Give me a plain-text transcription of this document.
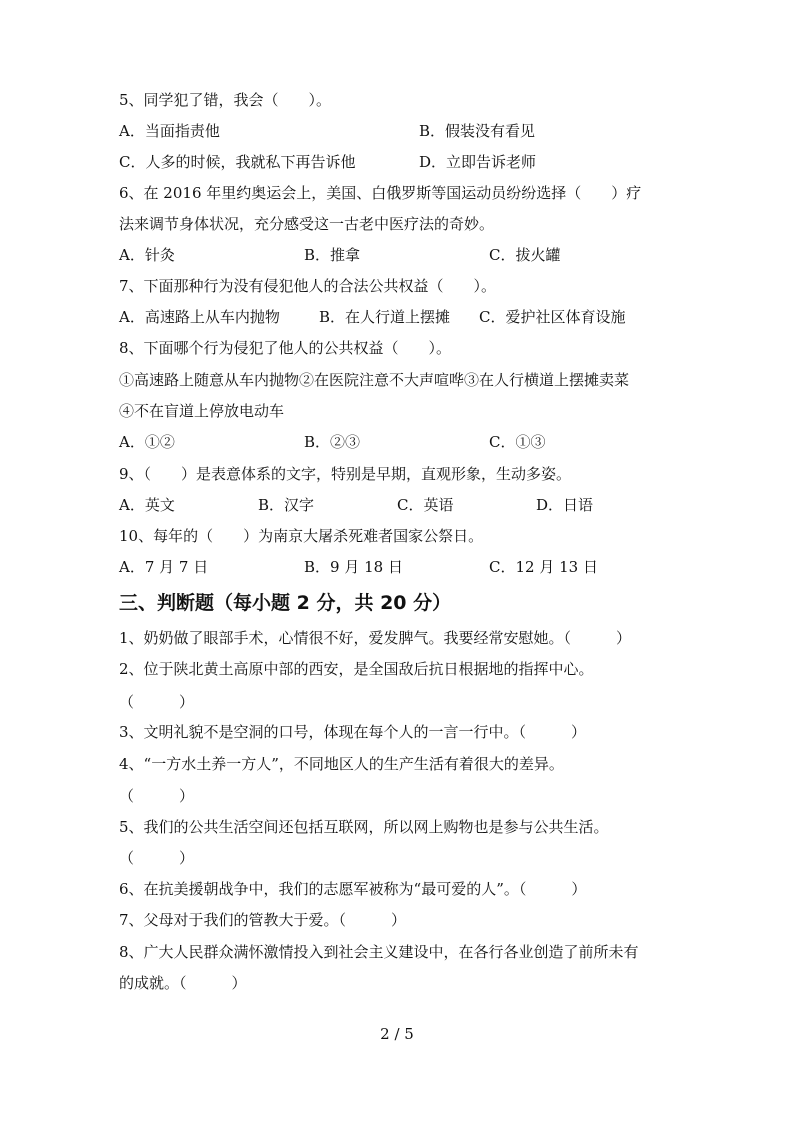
5、同学犯了错，我会（　　）。
A．当面指责他	B．假装没有看见
C．人多的时候，我就私下再告诉他	D．立即告诉老师
6、在 2016 年里约奥运会上，美国、白俄罗斯等国运动员纷纷选择（　　）疗
法来调节身体状况，充分感受这一古老中医疗法的奇妙。
A．针灸	B．推拿	C．拔火罐
7、下面那种行为没有侵犯他人的合法公共权益（　　）。
A．高速路上从车内抛物	B．在人行道上摆摊 C．爱护社区体育设施
8、下面哪个行为侵犯了他人的公共权益（　　）。
①高速路上随意从车内抛物②在医院注意不大声喧哗③在人行横道上摆摊卖菜
④不在盲道上停放电动车
A．①②	B．②③	C．①③
9、（　　）是表意体系的文字，特别是早期，直观形象，生动多姿。
A．英文	B．汉字	C．英语	D．日语
10、每年的（　　）为南京大屠杀死难者国家公祭日。
A．7 月 7 日	B．9 月 18 日	C．12 月 13 日
三、判断题（每小题 2 分，共 20 分）
1、奶奶做了眼部手术，心情很不好，爱发脾气。我要经常安慰她。（　　　）
2、位于陕北黄土高原中部的西安，是全国敌后抗日根据地的指挥中心。
（　　　）
3、文明礼貌不是空洞的口号，体现在每个人的一言一行中。（　　　）
4、“一方水土养一方人”，不同地区人的生产生活有着很大的差异。
（　　　）
5、我们的公共生活空间还包括互联网，所以网上购物也是参与公共生活。
（　　　）
6、在抗美援朝战争中，我们的志愿军被称为“最可爱的人”。（　　　）
7、父母对于我们的管教大于爱。（　　　）
8、广大人民群众满怀激情投入到社会主义建设中，在各行各业创造了前所未有
的成就。（　　　）
2 / 5
